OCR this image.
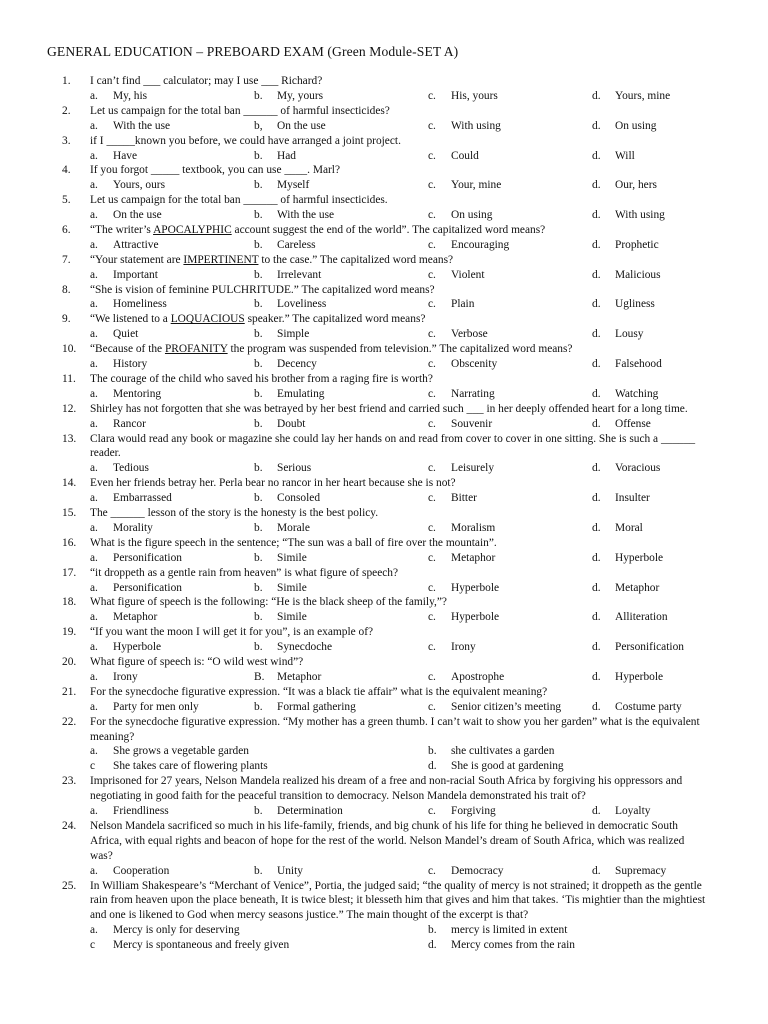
GENERAL EDUCATION – PREBOARD EXAM (Green Module-SET A)
1.	I can’t find ___ calculator; may I use ___ Richard?
a. My, his	b. My, yours	c. His, yours	d. Yours, mine
2.	Let us campaign for the total ban ______ of harmful insecticides?
a. With the use	b, On the use	c. With using	d. On using
3.	if I _____known you before, we could have arranged a joint project.
a. Have	b. Had	c. Could	d. Will
4.	If you forgot _____ textbook, you can use ____. Marl?
a. Yours, ours	b. Myself	c. Your, mine	d. Our, hers
5.	Let us campaign for the total ban ______ of harmful insecticides.
a. On the use	b. With the use	c. On using	d. With using
6.	“The writer’s APOCALYPHIC account suggest the end of the world”. The capitalized word means?
a. Attractive	b. Careless	c. Encouraging	d. Prophetic
7.	“Your statement are IMPERTINENT to the case.” The capitalized word means?
a. Important	b. Irrelevant	c. Violent	d. Malicious
8.	“She is vision of feminine PULCHRITUDE.” The capitalized word means?
a. Homeliness	b. Loveliness	c. Plain	d. Ugliness
9.	“We listened to a LOQUACIOUS speaker.” The capitalized word means?
a. Quiet	b. Simple	c. Verbose	d. Lousy
10.	“Because of the PROFANITY the program was suspended from television.” The capitalized word means?
a. History	b. Decency	c. Obscenity	d. Falsehood
11.	The courage of the child who saved his brother from a raging fire is worth?
a. Mentoring	b. Emulating	c. Narrating	d. Watching
12.	Shirley has not forgotten that she was betrayed by her best friend and carried such ___ in her deeply offended heart for a long time.
a. Rancor	b. Doubt	c. Souvenir	d. Offense
13.	Clara would read any book or magazine she could lay her hands on and read from cover to cover in one sitting. She is such a ______ reader.
a. Tedious	b. Serious	c. Leisurely	d. Voracious
14.	Even her friends betray her. Perla bear no rancor in her heart because she is not?
a. Embarrassed	b. Consoled	c. Bitter	d. Insulter
15.	The ______ lesson of the story is the honesty is the best policy.
a. Morality	b. Morale	c. Moralism	d. Moral
16.	What is the figure speech in the sentence; “The sun was a ball of fire over the mountain”.
a. Personification	b. Simile	c. Metaphor	d. Hyperbole
17.	“it droppeth as a gentle rain from heaven” is what figure of speech?
a. Personification	b. Simile	c. Hyperbole	d. Metaphor
18.	What figure of speech is the following: “He is the black sheep of the family,”?
a. Metaphor	b. Simile	c. Hyperbole	d. Alliteration
19.	“If you want the moon I will get it for you”, is an example of?
a. Hyperbole	b. Synecdoche	c. Irony	d. Personification
20.	What figure of speech is: “O wild west wind”?
a. Irony	B. Metaphor	c. Apostrophe	d. Hyperbole
21.	For the synecdoche figurative expression. “It was a black tie affair” what is the equivalent meaning?
a. Party for men only	b. Formal gathering	c. Senior citizen’s meeting	d. Costume party
22.	For the synecdoche figurative expression. “My mother has a green thumb. I can’t wait to show you her garden” what is the equivalent meaning?
a. She grows a vegetable garden	b. she cultivates a garden
c She takes care of flowering plants	d. She is good at gardening
23.	Imprisoned for 27 years, Nelson Mandela realized his dream of a free and non-racial South Africa by forgiving his oppressors and negotiating in good faith for the peaceful transition to democracy. Nelson Mandela demonstrated his trait of?
a. Friendliness	b. Determination	c. Forgiving	d. Loyalty
24.	Nelson Mandela sacrificed so much in his life-family, friends, and big chunk of his life for thing he believed in democratic South Africa, with equal rights and beacon of hope for the rest of the world. Nelson Mandel’s dream of South Africa, which was realized was?
a. Cooperation	b. Unity	c. Democracy	d. Supremacy
25.	In William Shakespeare’s “Merchant of Venice”, Portia, the judged said; “the quality of mercy is not strained; it droppeth as the gentle rain from heaven upon the place beneath, It is twice blest; it blesseth him that gives and him that takes. ‘Tis mightier than the mightiest and one is likened to God when mercy seasons justice.” The main thought of the excerpt is that?
a. Mercy is only for deserving	b. mercy is limited in extent
c Mercy is spontaneous and freely given	d. Mercy comes from the rain
